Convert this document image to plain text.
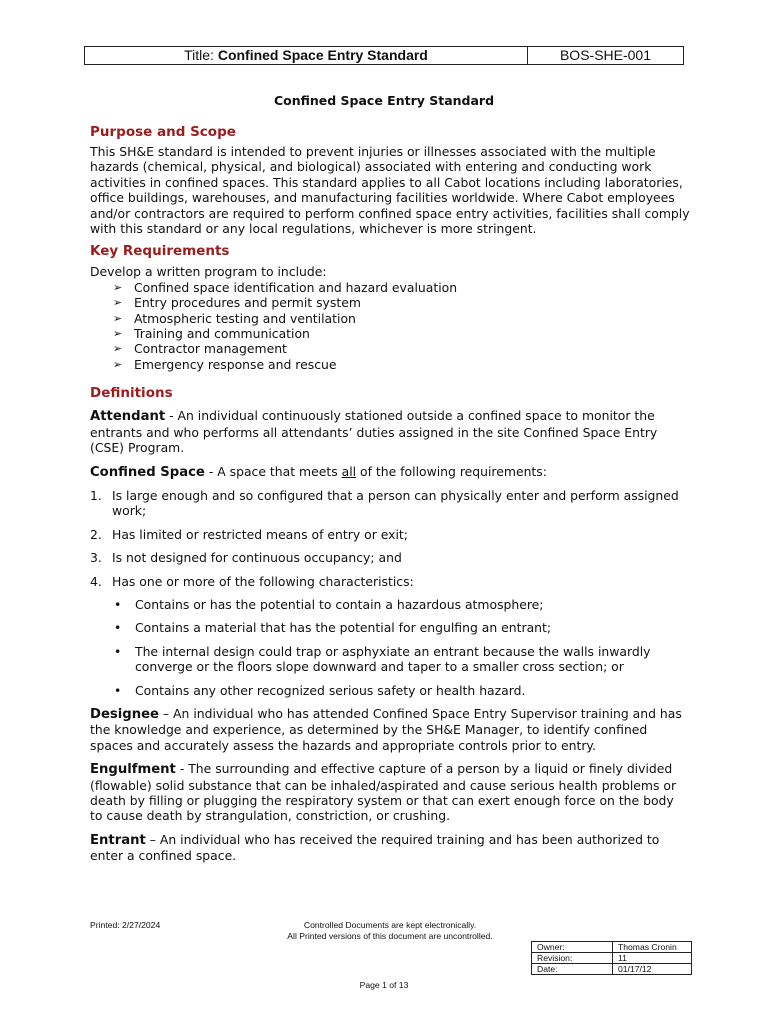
Title: Confined Space Entry Standard	BOS-SHE-001
Confined Space Entry Standard
Purpose and Scope

This SH&E standard is intended to prevent injuries or illnesses associated with the multiple hazards (chemical, physical, and biological) associated with entering and conducting work activities in confined spaces. This standard applies to all Cabot locations including laboratories, office buildings, warehouses, and manufacturing facilities worldwide. Where Cabot employees and/or contractors are required to perform confined space entry activities, facilities shall comply with this standard or any local regulations, whichever is more stringent.

Key Requirements

Develop a written program to include:

➢ Confined space identification and hazard evaluation
➢ Entry procedures and permit system
➢ Atmospheric testing and ventilation
➢ Training and communication
➢ Contractor management
➢ Emergency response and rescue
Definitions

Attendant - An individual continuously stationed outside a confined space to monitor the entrants and who performs all attendants’ duties assigned in the site Confined Space Entry (CSE) Program.

Confined Space - A space that meets all of the following requirements:

1. Is large enough and so configured that a person can physically enter and perform assigned work;
2. Has limited or restricted means of entry or exit;
3. Is not designed for continuous occupancy; and
4. Has one or more of the following characteristics:
•	Contains or has the potential to contain a hazardous atmosphere;
•	Contains a material that has the potential for engulfing an entrant;
•	The internal design could trap or asphyxiate an entrant because the walls inwardly converge or the floors slope downward and taper to a smaller cross section; or
•	Contains any other recognized serious safety or health hazard.

Designee – An individual who has attended Confined Space Entry Supervisor training and has the knowledge and experience, as determined by the SH&E Manager, to identify confined spaces and accurately assess the hazards and appropriate controls prior to entry.

Engulfment - The surrounding and effective capture of a person by a liquid or finely divided (flowable) solid substance that can be inhaled/aspirated and cause serious health problems or death by filling or plugging the respiratory system or that can exert enough force on the body to cause death by strangulation, constriction, or crushing.

Entrant – An individual who has received the required training and has been authorized to enter a confined space.

Printed: 2/27/2024	Controlled Documents are kept electronically.
All Printed versions of this document are uncontrolled.
Owner:	Thomas Cronin
Revision:	11
Date:	01/17/12
Page 1 of 13
